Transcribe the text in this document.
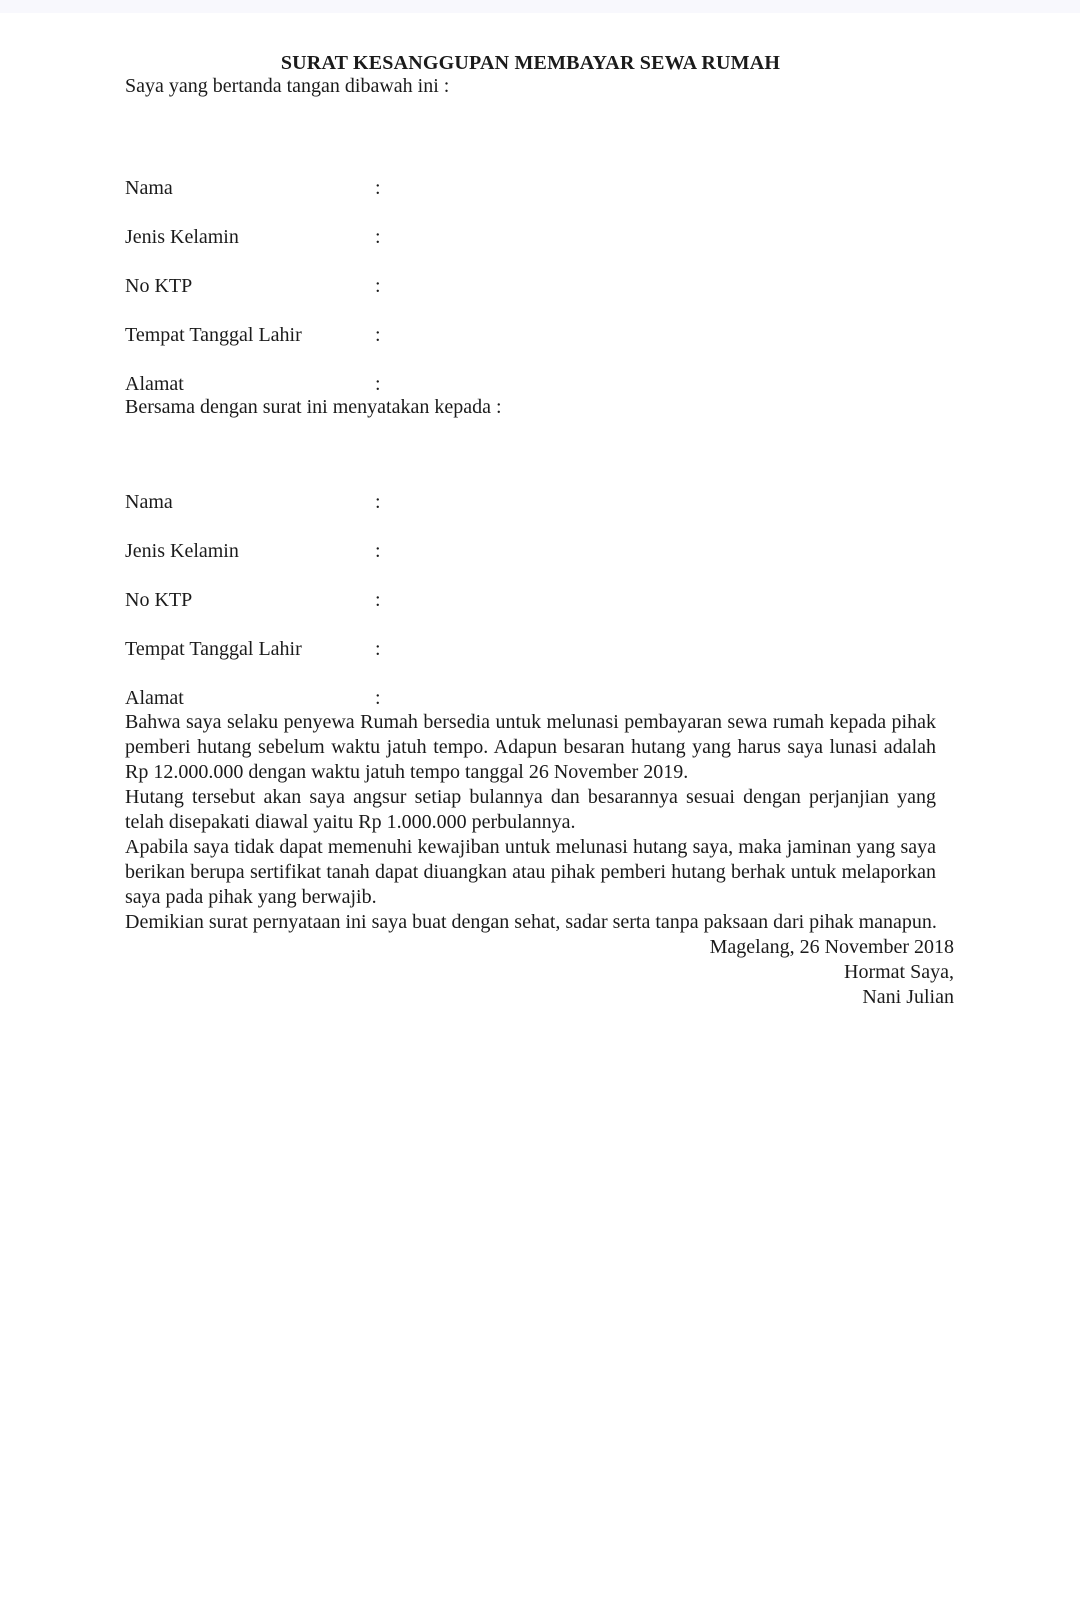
SURAT KESANGGUPAN MEMBAYAR SEWA RUMAH

Saya yang bertanda tangan dibawah ini :

Nama	:
Jenis Kelamin	:
No KTP	:
Tempat Tanggal Lahir	:
Alamat	:

Bersama dengan surat ini menyatakan kepada :

Nama	:
Jenis Kelamin	:
No KTP	:
Tempat Tanggal Lahir	:
Alamat	:

Bahwa saya selaku penyewa Rumah bersedia untuk melunasi pembayaran sewa rumah kepada pihak pemberi hutang sebelum waktu jatuh tempo. Adapun besaran hutang yang harus saya lunasi adalah Rp 12.000.000 dengan waktu jatuh tempo tanggal 26 November 2019.

Hutang tersebut akan saya angsur setiap bulannya dan besarannya sesuai dengan perjanjian yang telah disepakati diawal yaitu Rp 1.000.000 perbulannya.

Apabila saya tidak dapat memenuhi kewajiban untuk melunasi hutang saya, maka jaminan yang saya berikan berupa sertifikat tanah dapat diuangkan atau pihak pemberi hutang berhak untuk melaporkan saya pada pihak yang berwajib.

Demikian surat pernyataan ini saya buat dengan sehat, sadar serta tanpa paksaan dari pihak manapun.

Magelang, 26 November 2018

Hormat Saya,

Nani Julian
